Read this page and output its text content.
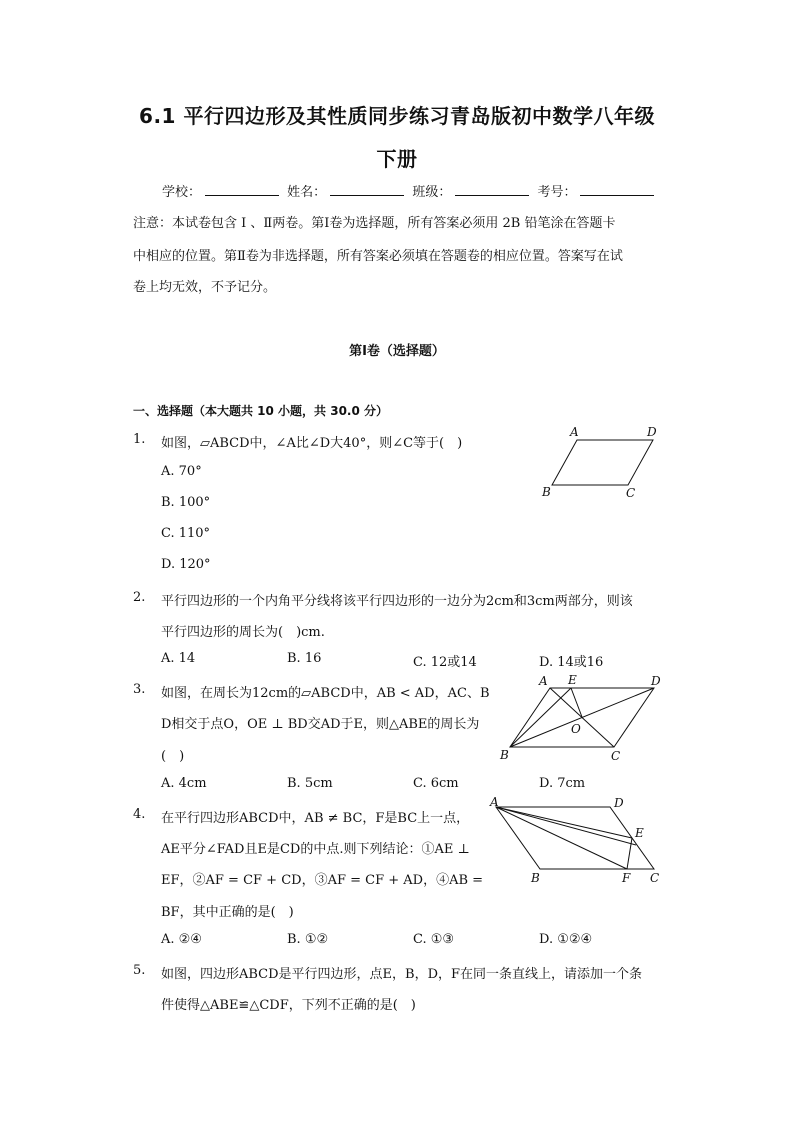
6.1 平行四边形及其性质同步练习青岛版初中数学八年级
下册
学校：	姓名：	班级：	考号：
注意：本试卷包含 Ⅰ 、Ⅱ两卷。第Ⅰ卷为选择题，所有答案必须用 2B 铅笔涂在答题卡
中相应的位置。第Ⅱ卷为非选择题，所有答案必须填在答题卷的相应位置。答案写在试
卷上均无效，不予记分。
第Ⅰ卷（选择题）
一、选择题（本大题共 10 小题，共 30.0 分）
1. 如图，▱ABCD中，∠A比∠D大40°，则∠C等于(　)
A. 70°
B. 100°
C. 110°
D. 120°
A	D
B	C
2. 平行四边形的一个内角平分线将该平行四边形的一边分为2cm和3cm两部分，则该
平行四边形的周长为(　)cm.
A. 14	B. 16	C. 12或14	D. 14或16
3. 如图，在周长为12cm的▱ABCD中，AB < AD，AC、B
D相交于点O，OE ⊥ BD交AD于E，则△ABE的周长为
(　)
A. 4cm	B. 5cm	C. 6cm	D. 7cm
A E	D
O
B	C
4. 在平行四边形ABCD中，AB ≠ BC，F是BC上一点，
AE平分∠FAD且E是CD的中点.则下列结论：①AE ⊥
EF，②AF = CF + CD，③AF = CF + AD，④AB =
BF，其中正确的是(　)
A. ②④	B. ①②	C. ①③	D. ①②④
A	D
E
B	F C
5. 如图，四边形ABCD是平行四边形，点E，B，D，F在同一条直线上，请添加一个条
件使得△ABE≌△CDF，下列不正确的是(　)
